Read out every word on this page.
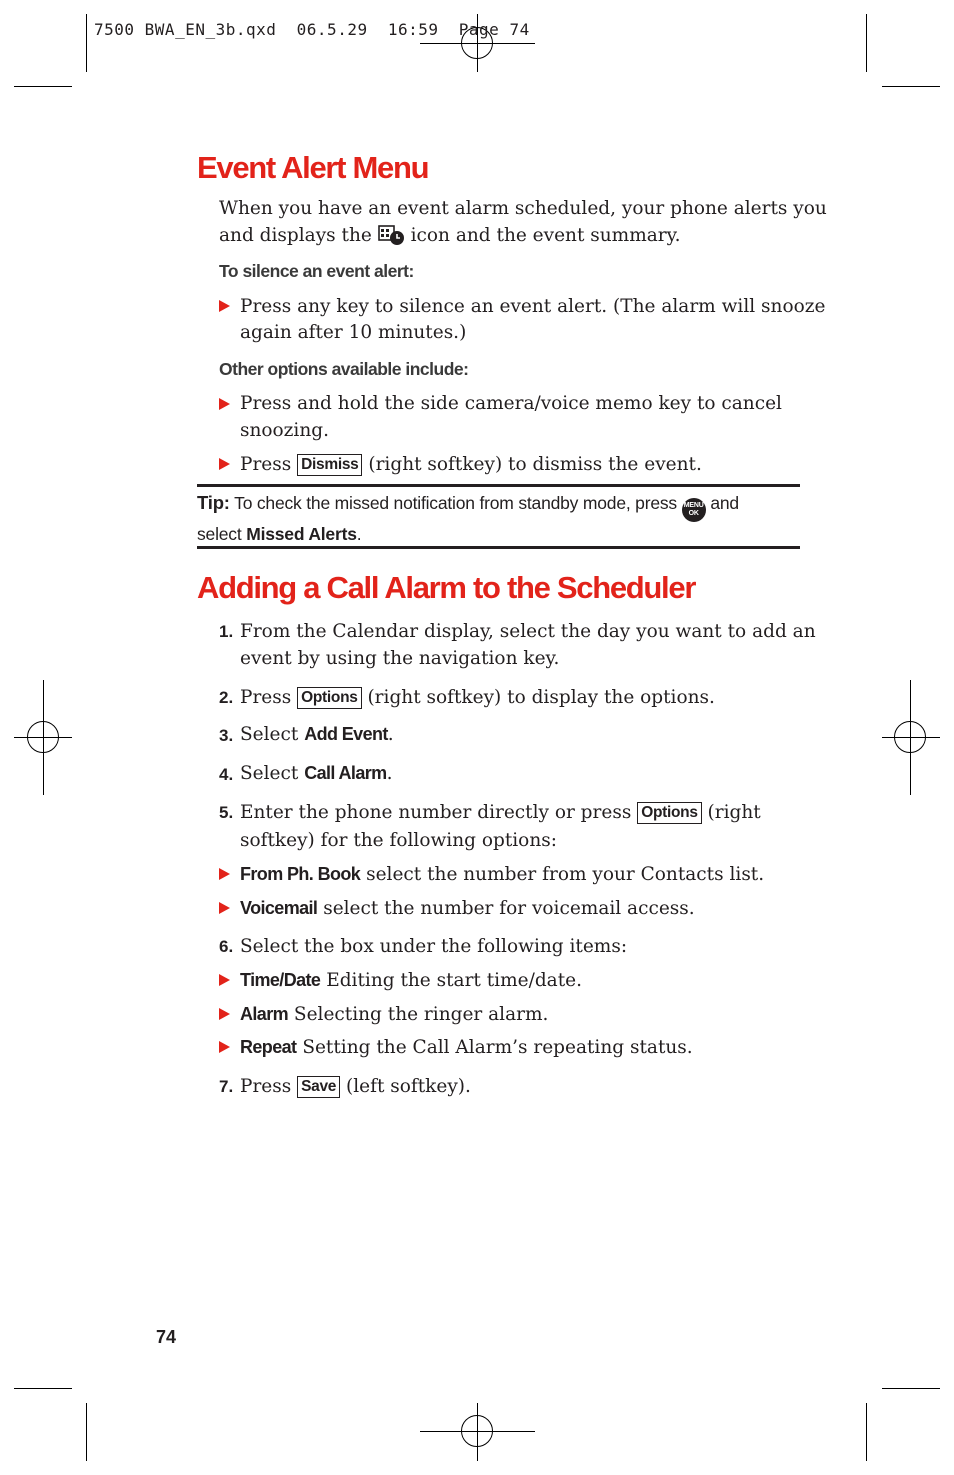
7500 BWA_EN_3b.qxd  06.5.29  16:59  Page 74
Event Alert Menu

When you have an event alarm scheduled, your phone alerts you

and displays the icon and the event summary.

To silence an event alert:

Press any key to silence an event alert. (The alarm will snooze

again after 10 minutes.)

Other options available include:

Press and hold the side camera/voice memo key to cancel

snoozing.

Press Dismiss (right softkey) to dismiss the event.

Tip: To check the missed notification from standby mode, press MENU
OK and
select Missed Alerts.

Adding a Call Alarm to the Scheduler
1. From the Calendar display, select the day you want to add an

event by using the navigation key.

2. Press Options (right softkey) to display the options.

3. Select Add Event.

4. Select Call Alarm.

5. Enter the phone number directly or press Options (right

softkey) for the following options:

From Ph. Book select the number from your Contacts list.

Voicemail select the number for voicemail access.

6. Select the box under the following items:

Time/Date Editing the start time/date.

Alarm Selecting the ringer alarm.

Repeat Setting the Call Alarm’s repeating status.

7. Press Save (left softkey).

74
